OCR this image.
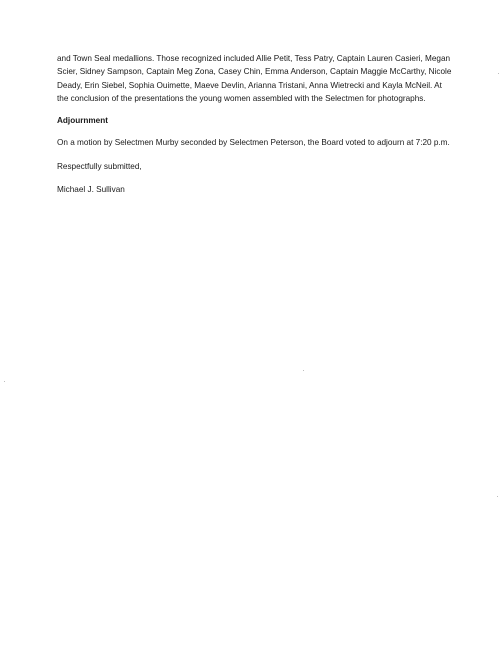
and Town Seal medallions. Those recognized included Allie Petit, Tess Patry, Captain Lauren Casieri, Megan Scier, Sidney Sampson, Captain Meg Zona, Casey Chin, Emma Anderson, Captain Maggie McCarthy, Nicole Deady, Erin Siebel, Sophia Ouimette, Maeve Devlin, Arianna Tristani, Anna Wietrecki and Kayla McNeil. At the conclusion of the presentations the young women assembled with the Selectmen for photographs.

Adjournment

On a motion by Selectmen Murby seconded by Selectmen Peterson, the Board voted to adjourn at 7:20 p.m.

Respectfully submitted,

Michael J. Sullivan
